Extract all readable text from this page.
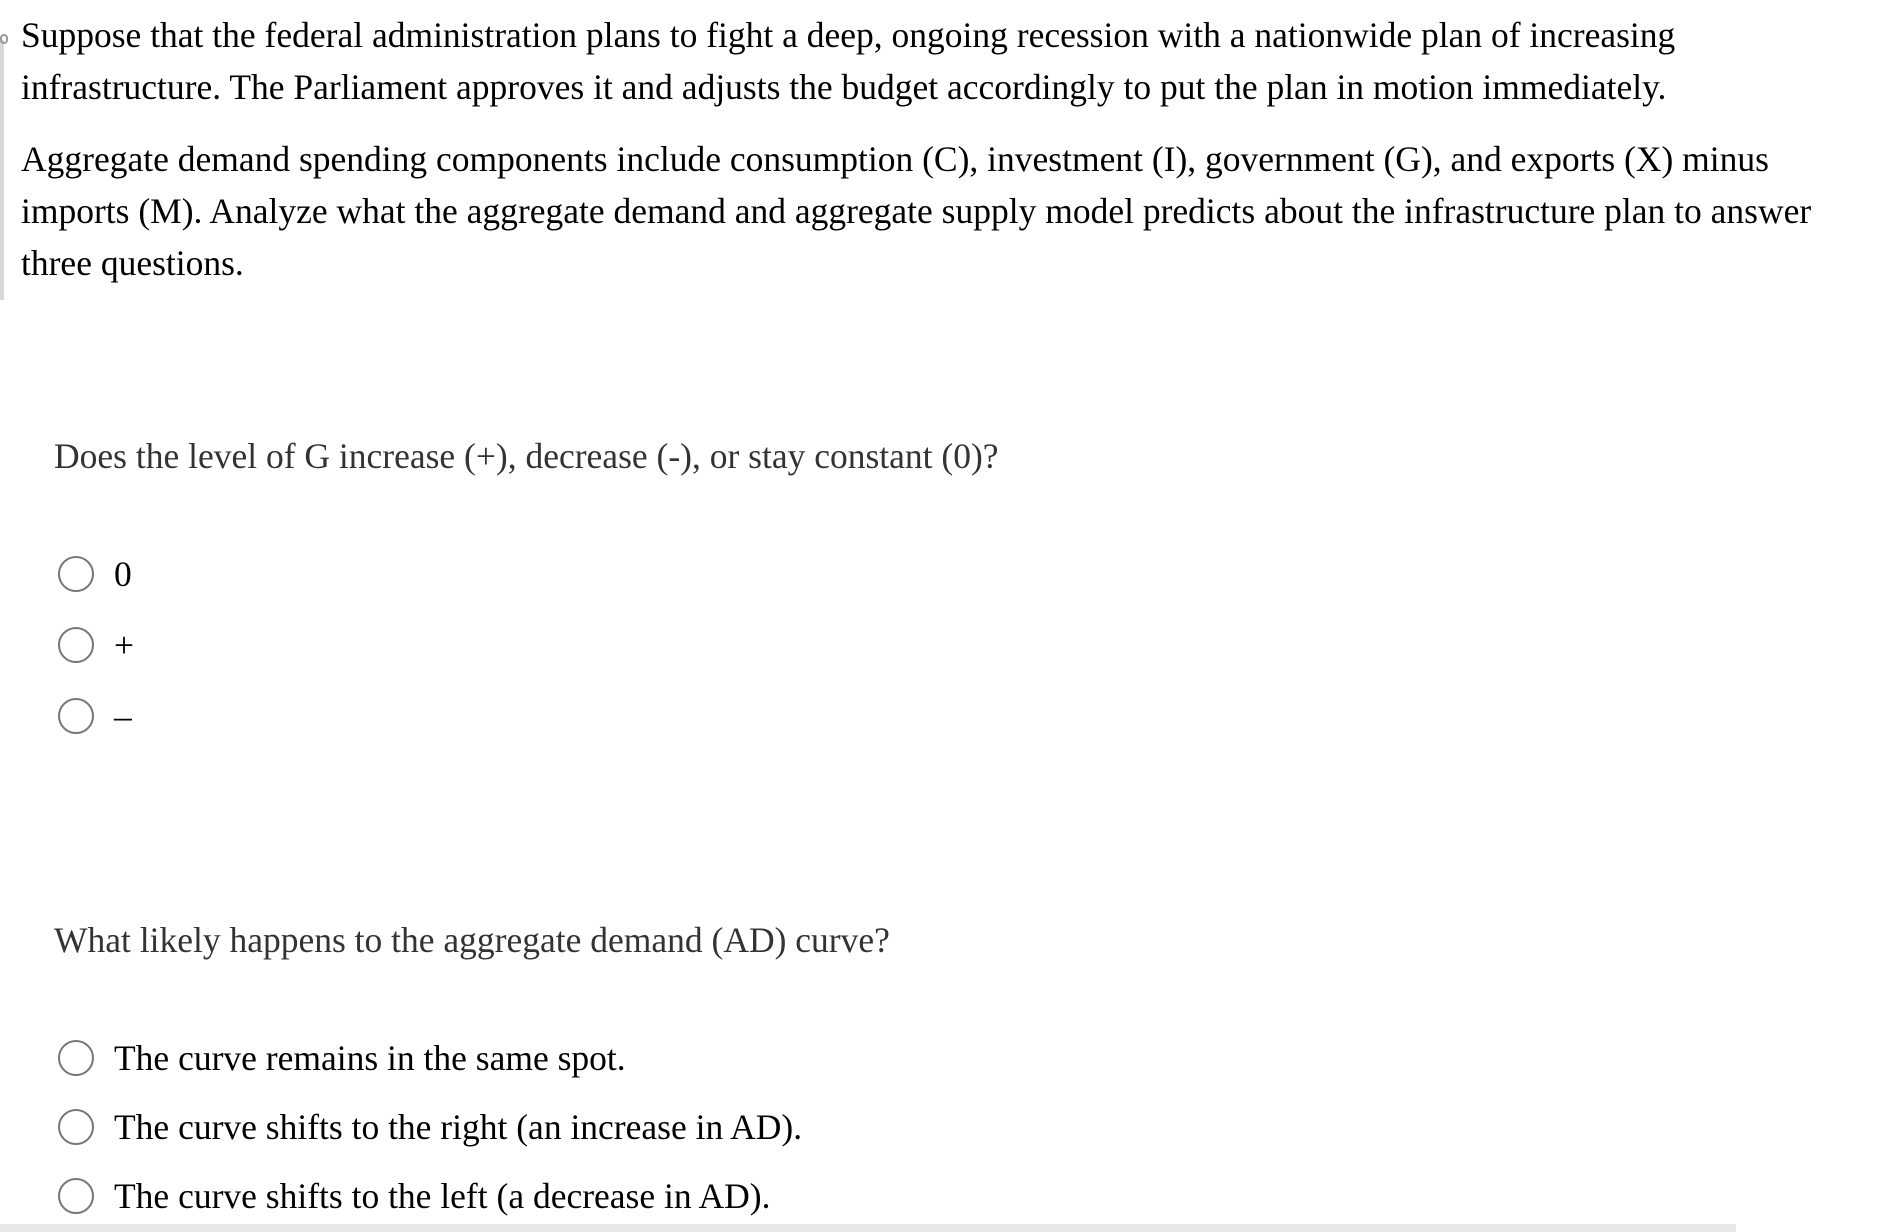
Suppose that the federal administration plans to fight a deep, ongoing recession with a nationwide plan of increasing infrastructure. The Parliament approves it and adjusts the budget accordingly to put the plan in motion immediately.

Aggregate demand spending components include consumption (C), investment (I), government (G), and exports (X) minus imports (M). Analyze what the aggregate demand and aggregate supply model predicts about the infrastructure plan to answer three questions.

Does the level of G increase (+), decrease (-), or stay constant (0)?

0
+
–

What likely happens to the aggregate demand (AD) curve?

The curve remains in the same spot.
The curve shifts to the right (an increase in AD).
The curve shifts to the left (a decrease in AD).
